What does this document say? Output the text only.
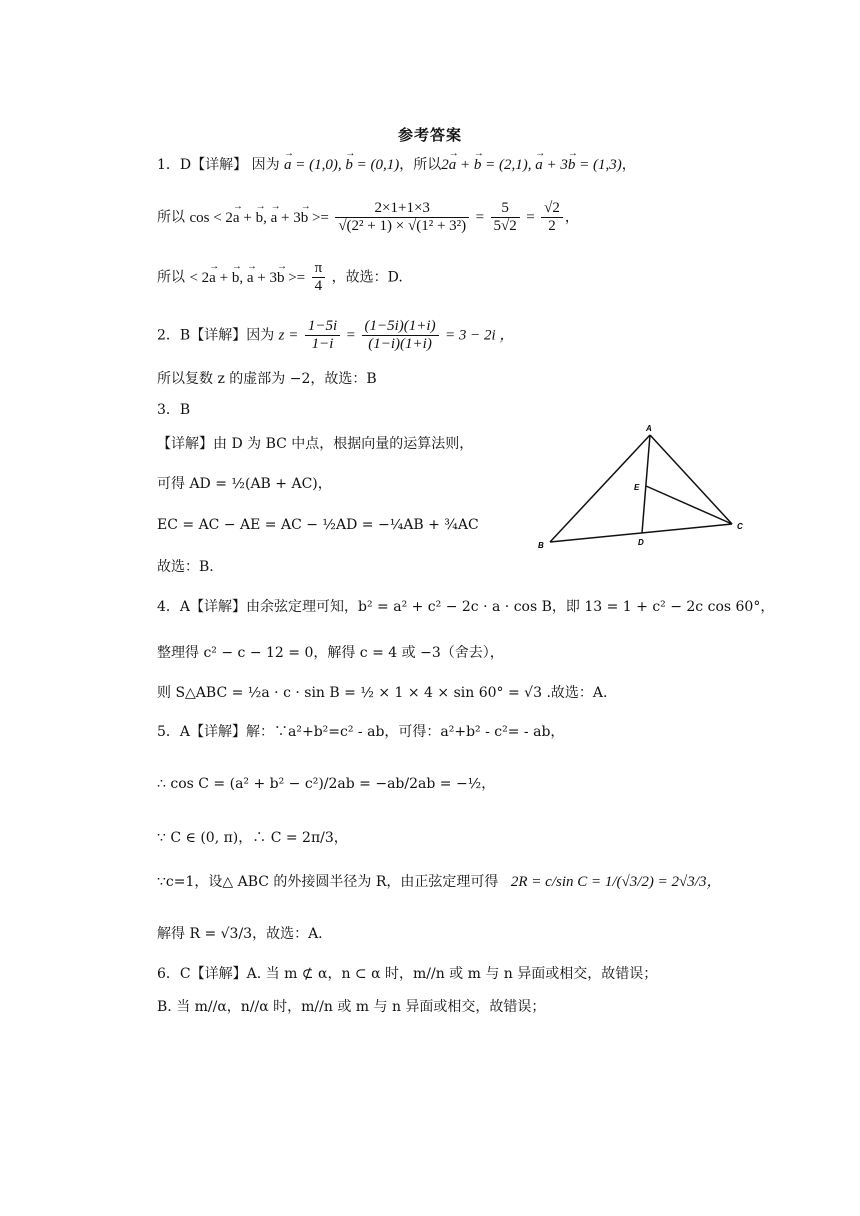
参考答案
1．D【详解】 因为 → a = (1,0), → b = (0,1)，所以2→ a + → b = (2,1), → a + 3→ b = (1,3)，
所以 cos < 2→ a + → b, → $a + 3\to b >= \frac{2\times 1+1\times 3}{\text{√(2² + 1) × √(1² + 3²)}} = \frac{5}{5√2} = \frac{√2}{2}$ ，
所以 < 2→ a + → b, → $a + 3\to b >= \frac{\pi}{4}$ ，故选：D.
2．B【详解】因为 $z = \frac{1-5i}{1-i} = \frac{(1-5i)(1+i)}{(1-i)(1+i)} = 3 - 2i$ ，
所以复数 z 的虚部为 −2，故选：B
3．B
【详解】由 D 为 BC 中点，根据向量的运算法则，
可得 AD = ½(AB + AC)，
EC = AC − AE = AC − ½AD = −¼AB + ¾AC
故选：B.
A
B
C
D
E
4．A【详解】由余弦定理可知，b² = a² + c² − 2c · a · cos B，即 13 = 1 + c² − 2c cos 60°，
整理得 c² − c − 12 = 0，解得 c = 4 或 −3（舍去），
则 S△ABC = ½a · c · sin B = ½ × 1 × 4 × sin 60° = √3 .故选：A.
5．A【详解】解：∵a²+b²=c² - ab，可得：a²+b² - c²= - ab，
∴ cos C = (a² + b² − c²)/2ab = −ab/2ab = −½，
∵ C ∈ (0, π)，∴ C = 2π/3，
∵c=1，设△ ABC 的外接圆半径为 R，由正弦定理可得 2R = c/sin C = 1/(√3/2) = 2√3/3，
解得 R = √3/3，故选：A.
6．C【详解】A. 当 m ⊄ α，n ⊂ α 时，m//n 或 m 与 n 异面或相交，故错误；
B. 当 m//α，n//α 时，m//n 或 m 与 n 异面或相交，故错误；
